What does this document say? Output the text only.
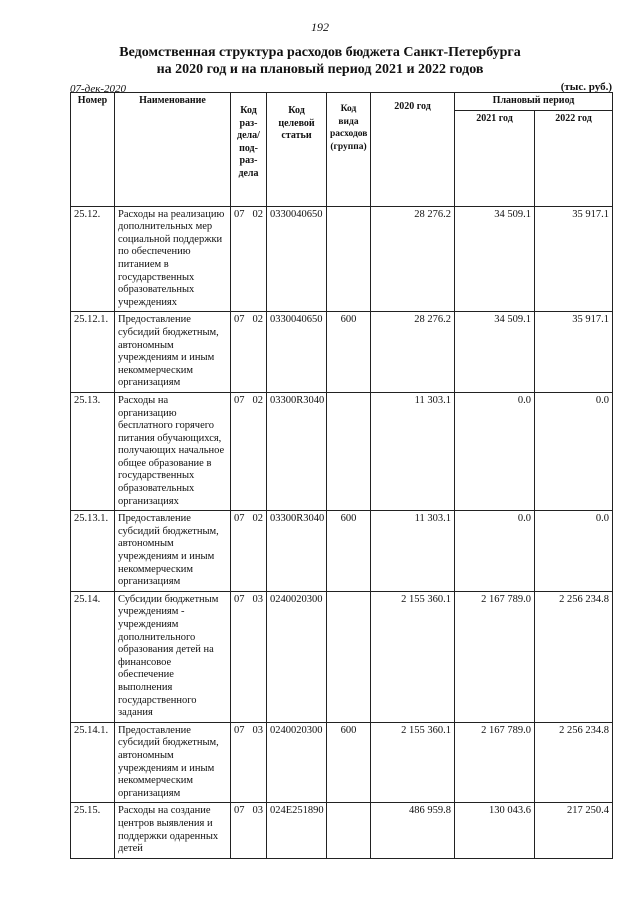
192
Ведомственная структура расходов бюджета Санкт-Петербурга
на 2020 год и на плановый период 2021 и 2022 годов
07-дек-2020	(тыс. руб.)
Номер	Наименование	Код раз-дела/ под-раз-дела	Код целевой статьи	Код вида расходов (группа)	2020 год	Плановый период	
						2021 год	2022 год
25.12.	Расходы на реализацию дополнительных мер социальной поддержки по обеспечению питанием в государственных образовательных учреждениях	07 02	0330040650		28 276.2	34 509.1	35 917.1
25.12.1.	Предоставление субсидий бюджетным, автономным учреждениям и иным некоммерческим организациям	07 02	0330040650	600	28 276.2	34 509.1	35 917.1
25.13.	Расходы на организацию бесплатного горячего питания обучающихся, получающих начальное общее образование в государственных образовательных организациях	07 02	03300R3040		11 303.1	0.0	0.0
25.13.1.	Предоставление субсидий бюджетным, автономным учреждениям и иным некоммерческим организациям	07 02	03300R3040	600	11 303.1	0.0	0.0
25.14.	Субсидии бюджетным учреждениям - учреждениям дополнительного образования детей на финансовое обеспечение выполнения государственного задания	07 03	0240020300		2 155 360.1	2 167 789.0	2 256 234.8
25.14.1.	Предоставление субсидий бюджетным, автономным учреждениям и иным некоммерческим организациям	07 03	0240020300	600	2 155 360.1	2 167 789.0	2 256 234.8
25.15.	Расходы на создание центров выявления и поддержки одаренных детей	07 03	024E251890		486 959.8	130 043.6	217 250.4
